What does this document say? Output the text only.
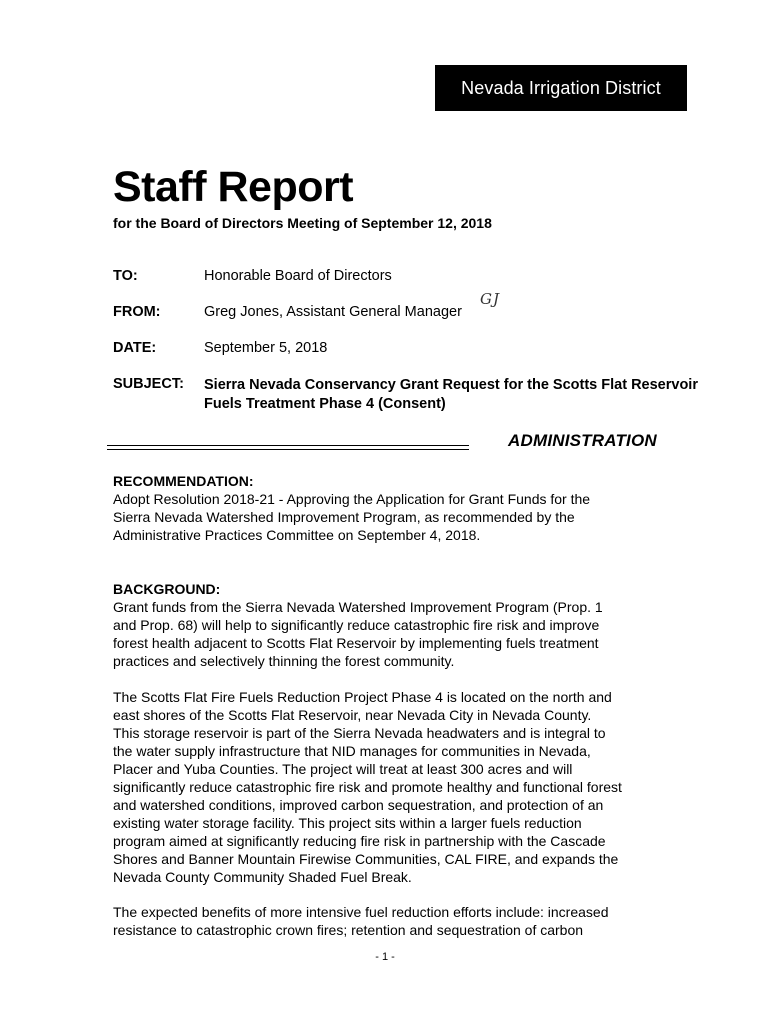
Nevada Irrigation District
Staff Report
for the Board of Directors Meeting of September 12, 2018
TO:	Honorable Board of Directors
FROM:	Greg Jones, Assistant General Manager
GJ
DATE:	September 5, 2018
SUBJECT: Sierra Nevada Conservancy Grant Request for the Scotts Flat Reservoir
Fuels Treatment Phase 4 (Consent)
ADMINISTRATION
RECOMMENDATION:
Adopt Resolution 2018-21 - Approving the Application for Grant Funds for the
Sierra Nevada Watershed Improvement Program, as recommended by the
Administrative Practices Committee on September 4, 2018.
BACKGROUND:
Grant funds from the Sierra Nevada Watershed Improvement Program (Prop. 1
and Prop. 68) will help to significantly reduce catastrophic fire risk and improve
forest health adjacent to Scotts Flat Reservoir by implementing fuels treatment
practices and selectively thinning the forest community.
The Scotts Flat Fire Fuels Reduction Project Phase 4 is located on the north and
east shores of the Scotts Flat Reservoir, near Nevada City in Nevada County.
This storage reservoir is part of the Sierra Nevada headwaters and is integral to
the water supply infrastructure that NID manages for communities in Nevada,
Placer and Yuba Counties. The project will treat at least 300 acres and will
significantly reduce catastrophic fire risk and promote healthy and functional forest
and watershed conditions, improved carbon sequestration, and protection of an
existing water storage facility. This project sits within a larger fuels reduction
program aimed at significantly reducing fire risk in partnership with the Cascade
Shores and Banner Mountain Firewise Communities, CAL FIRE, and expands the
Nevada County Community Shaded Fuel Break.
The expected benefits of more intensive fuel reduction efforts include: increased
resistance to catastrophic crown fires; retention and sequestration of carbon
- 1 -
